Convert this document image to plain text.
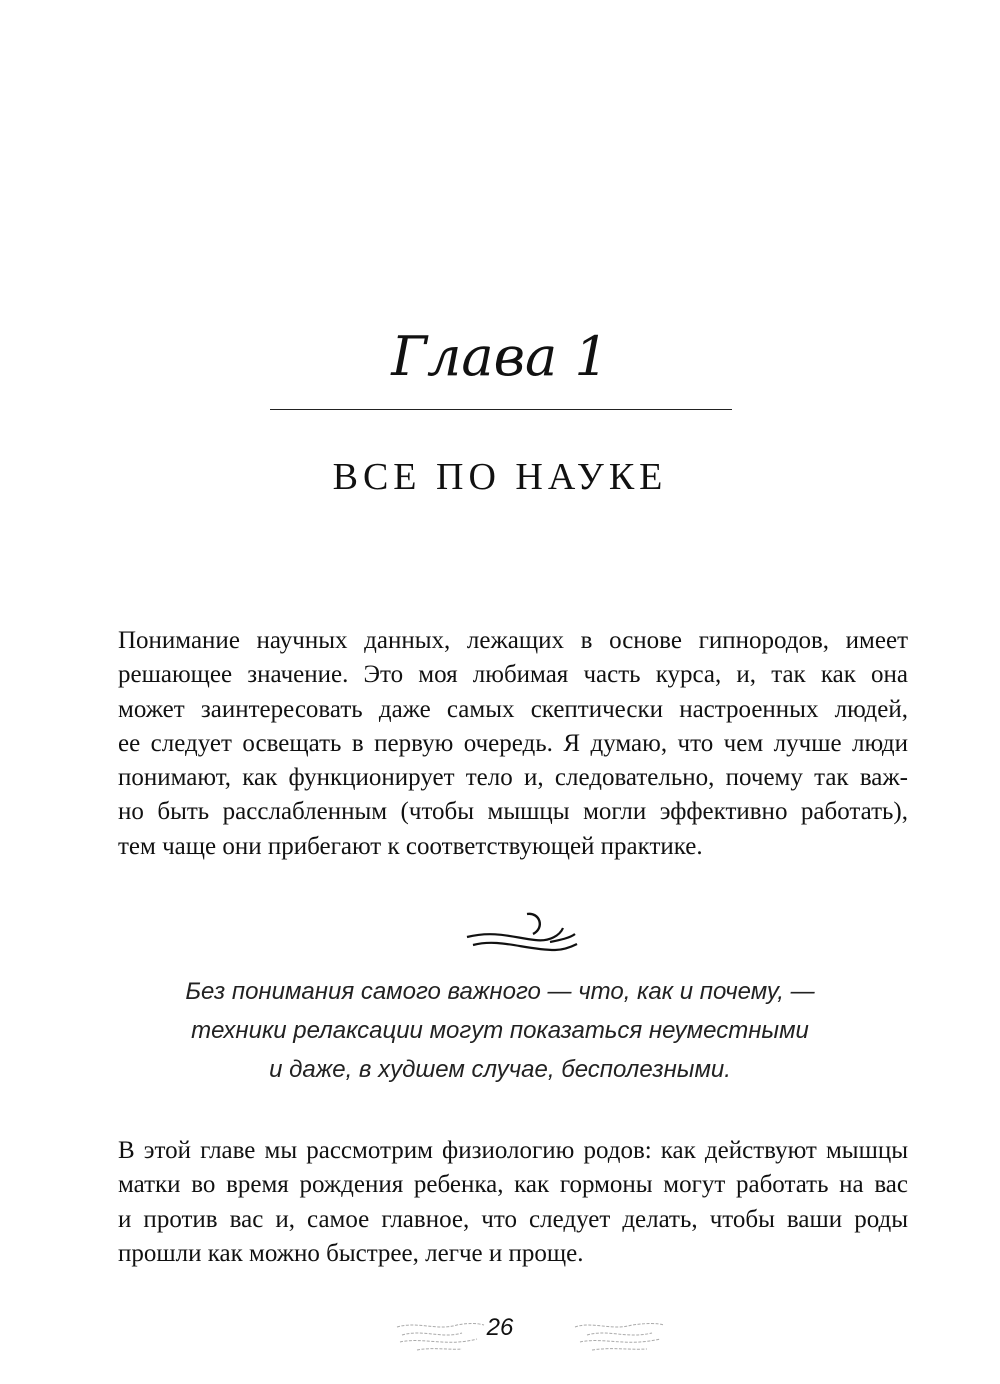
Глава 1
ВСЕ ПО НАУКЕ
Понимание научных данных, лежащих в основе гипнородов, имеет
решающее значение. Это моя любимая часть курса, и, так как она
может заинтересовать даже самых скептически настроенных людей,
ее следует освещать в первую очередь. Я думаю, что чем лучше люди
понимают, как функционирует тело и, следовательно, почему так важ-
но быть расслабленным (чтобы мышцы могли эффективно работать),
тем чаще они прибегают к соответствующей практике.
Без понимания самого важного — что, как и почему, —
техники релаксации могут показаться неуместными
и даже, в худшем случае, бесполезными.
В этой главе мы рассмотрим физиологию родов: как действуют мышцы
матки во время рождения ребенка, как гормоны могут работать на вас
и против вас и, самое главное, что следует делать, чтобы ваши роды
прошли как можно быстрее, легче и проще.
26
